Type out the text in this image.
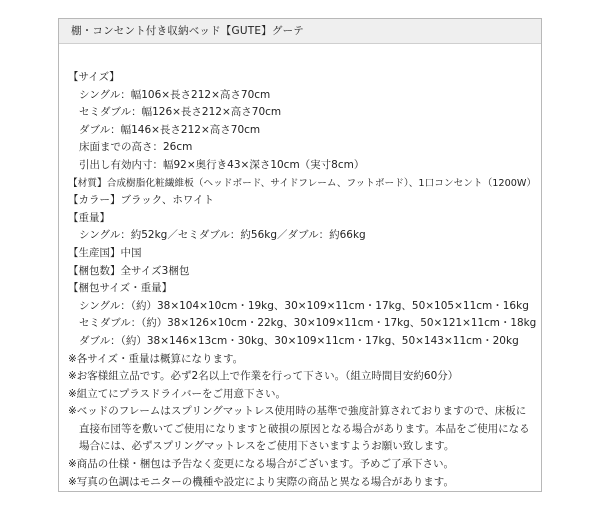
棚・コンセント付き収納ベッド【GUTE】グーテ
【サイズ】
シングル：幅106×長さ212×高さ70cm
セミダブル：幅126×長さ212×高さ70cm
ダブル：幅146×長さ212×高さ70cm
床面までの高さ：26cm
引出し有効内寸：幅92×奥行き43×深さ10cm（実寸8cm）
【材質】合成樹脂化粧繊維板（ヘッドボード、サイドフレーム、フットボード）、1口コンセント（1200W）
【カラー】ブラック、ホワイト
【重量】
シングル：約52kg／セミダブル：約56kg／ダブル：約66kg
【生産国】中国
【梱包数】全サイズ3梱包
【梱包サイズ・重量】
シングル：（約）38×104×10cm・19kg、30×109×11cm・17kg、50×105×11cm・16kg
セミダブル：（約）38×126×10cm・22kg、30×109×11cm・17kg、50×121×11cm・18kg
ダブル：（約）38×146×13cm・30kg、30×109×11cm・17kg、50×143×11cm・20kg
※各サイズ・重量は概算になります。
※お客様組立品です。必ず2名以上で作業を行って下さい。（組立時間目安約60分）
※組立てにプラスドライバーをご用意下さい。
※ベッドのフレームはスプリングマットレス使用時の基準で強度計算されておりますので、床板に
直接布団等を敷いてご使用になりますと破損の原因となる場合があります。本品をご使用になる
場合には、必ずスプリングマットレスをご使用下さいますようお願い致します。
※商品の仕様・梱包は予告なく変更になる場合がございます。予めご了承下さい。
※写真の色調はモニターの機種や設定により実際の商品と異なる場合があります。
